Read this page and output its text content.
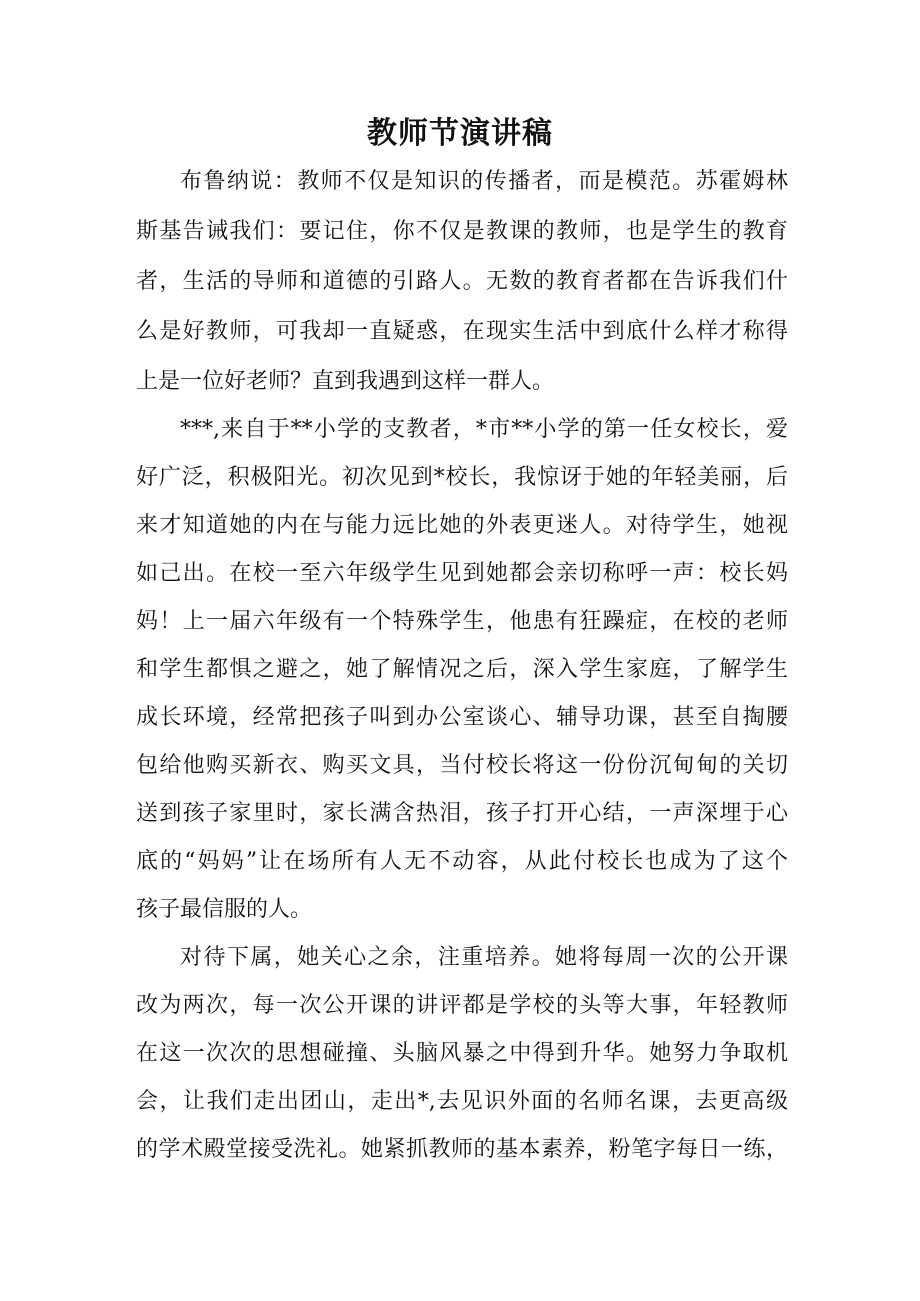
教师节演讲稿

布鲁纳说：教师不仅是知识的传播者，而是模范。苏霍姆林

斯基告诫我们：要记住，你不仅是教课的教师，也是学生的教育

者，生活的导师和道德的引路人。无数的教育者都在告诉我们什

么是好教师，可我却一直疑惑，在现实生活中到底什么样才称得

上是一位好老师？直到我遇到这样一群人。

***,来自于**小学的支教者，*市**小学的第一任女校长，爱

好广泛，积极阳光。初次见到*校长，我惊讶于她的年轻美丽，后

来才知道她的内在与能力远比她的外表更迷人。对待学生，她视

如己出。在校一至六年级学生见到她都会亲切称呼一声：校长妈

妈！上一届六年级有一个特殊学生，他患有狂躁症，在校的老师

和学生都惧之避之，她了解情况之后，深入学生家庭，了解学生

成长环境，经常把孩子叫到办公室谈心、辅导功课，甚至自掏腰

包给他购买新衣、购买文具，当付校长将这一份份沉甸甸的关切

送到孩子家里时，家长满含热泪，孩子打开心结，一声深埋于心

底的“妈妈”让在场所有人无不动容，从此付校长也成为了这个

孩子最信服的人。

对待下属，她关心之余，注重培养。她将每周一次的公开课

改为两次，每一次公开课的讲评都是学校的头等大事，年轻教师

在这一次次的思想碰撞、头脑风暴之中得到升华。她努力争取机

会，让我们走出团山，走出*,去见识外面的名师名课，去更高级

的学术殿堂接受洗礼。她紧抓教师的基本素养，粉笔字每日一练，
